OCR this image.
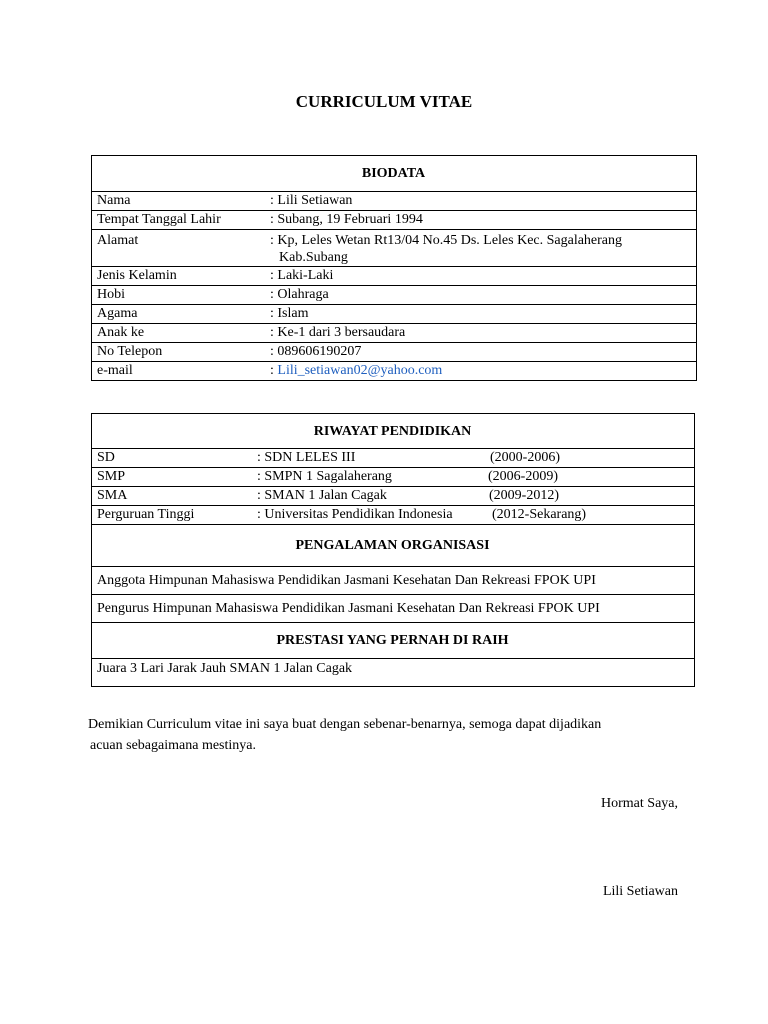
CURRICULUM VITAE
BIODATA
Nama	: Lili Setiawan
Tempat Tanggal Lahir	: Subang, 19 Februari 1994
Alamat	: Kp, Leles Wetan Rt13/04 No.45 Ds. Leles Kec. Sagalaherang
Kab.Subang
Jenis Kelamin	: Laki-Laki
Hobi	: Olahraga
Agama	: Islam
Anak ke	: Ke-1 dari 3 bersaudara
No Telepon	: 089606190207
e-mail	: Lili_setiawan02@yahoo.com
RIWAYAT PENDIDIKAN
SD	: SDN LELES III	(2000-2006)

SMP	: SMPN 1 Sagalaherang	(2006-2009)

SMA	: SMAN 1 Jalan Cagak	(2009-2012)

Perguruan Tinggi	: Universitas Pendidikan Indonesia	(2012-Sekarang)

PENGALAMAN ORGANISASI
Anggota Himpunan Mahasiswa Pendidikan Jasmani Kesehatan Dan Rekreasi FPOK UPI
Pengurus Himpunan Mahasiswa Pendidikan Jasmani Kesehatan Dan Rekreasi FPOK UPI
PRESTASI YANG PERNAH DI RAIH
Juara 3 Lari Jarak Jauh SMAN 1 Jalan Cagak

Demikian Curriculum vitae ini saya buat dengan sebenar-benarnya, semoga dapat dijadikan

acuan sebagaimana mestinya.

Hormat Saya,
Lili Setiawan
